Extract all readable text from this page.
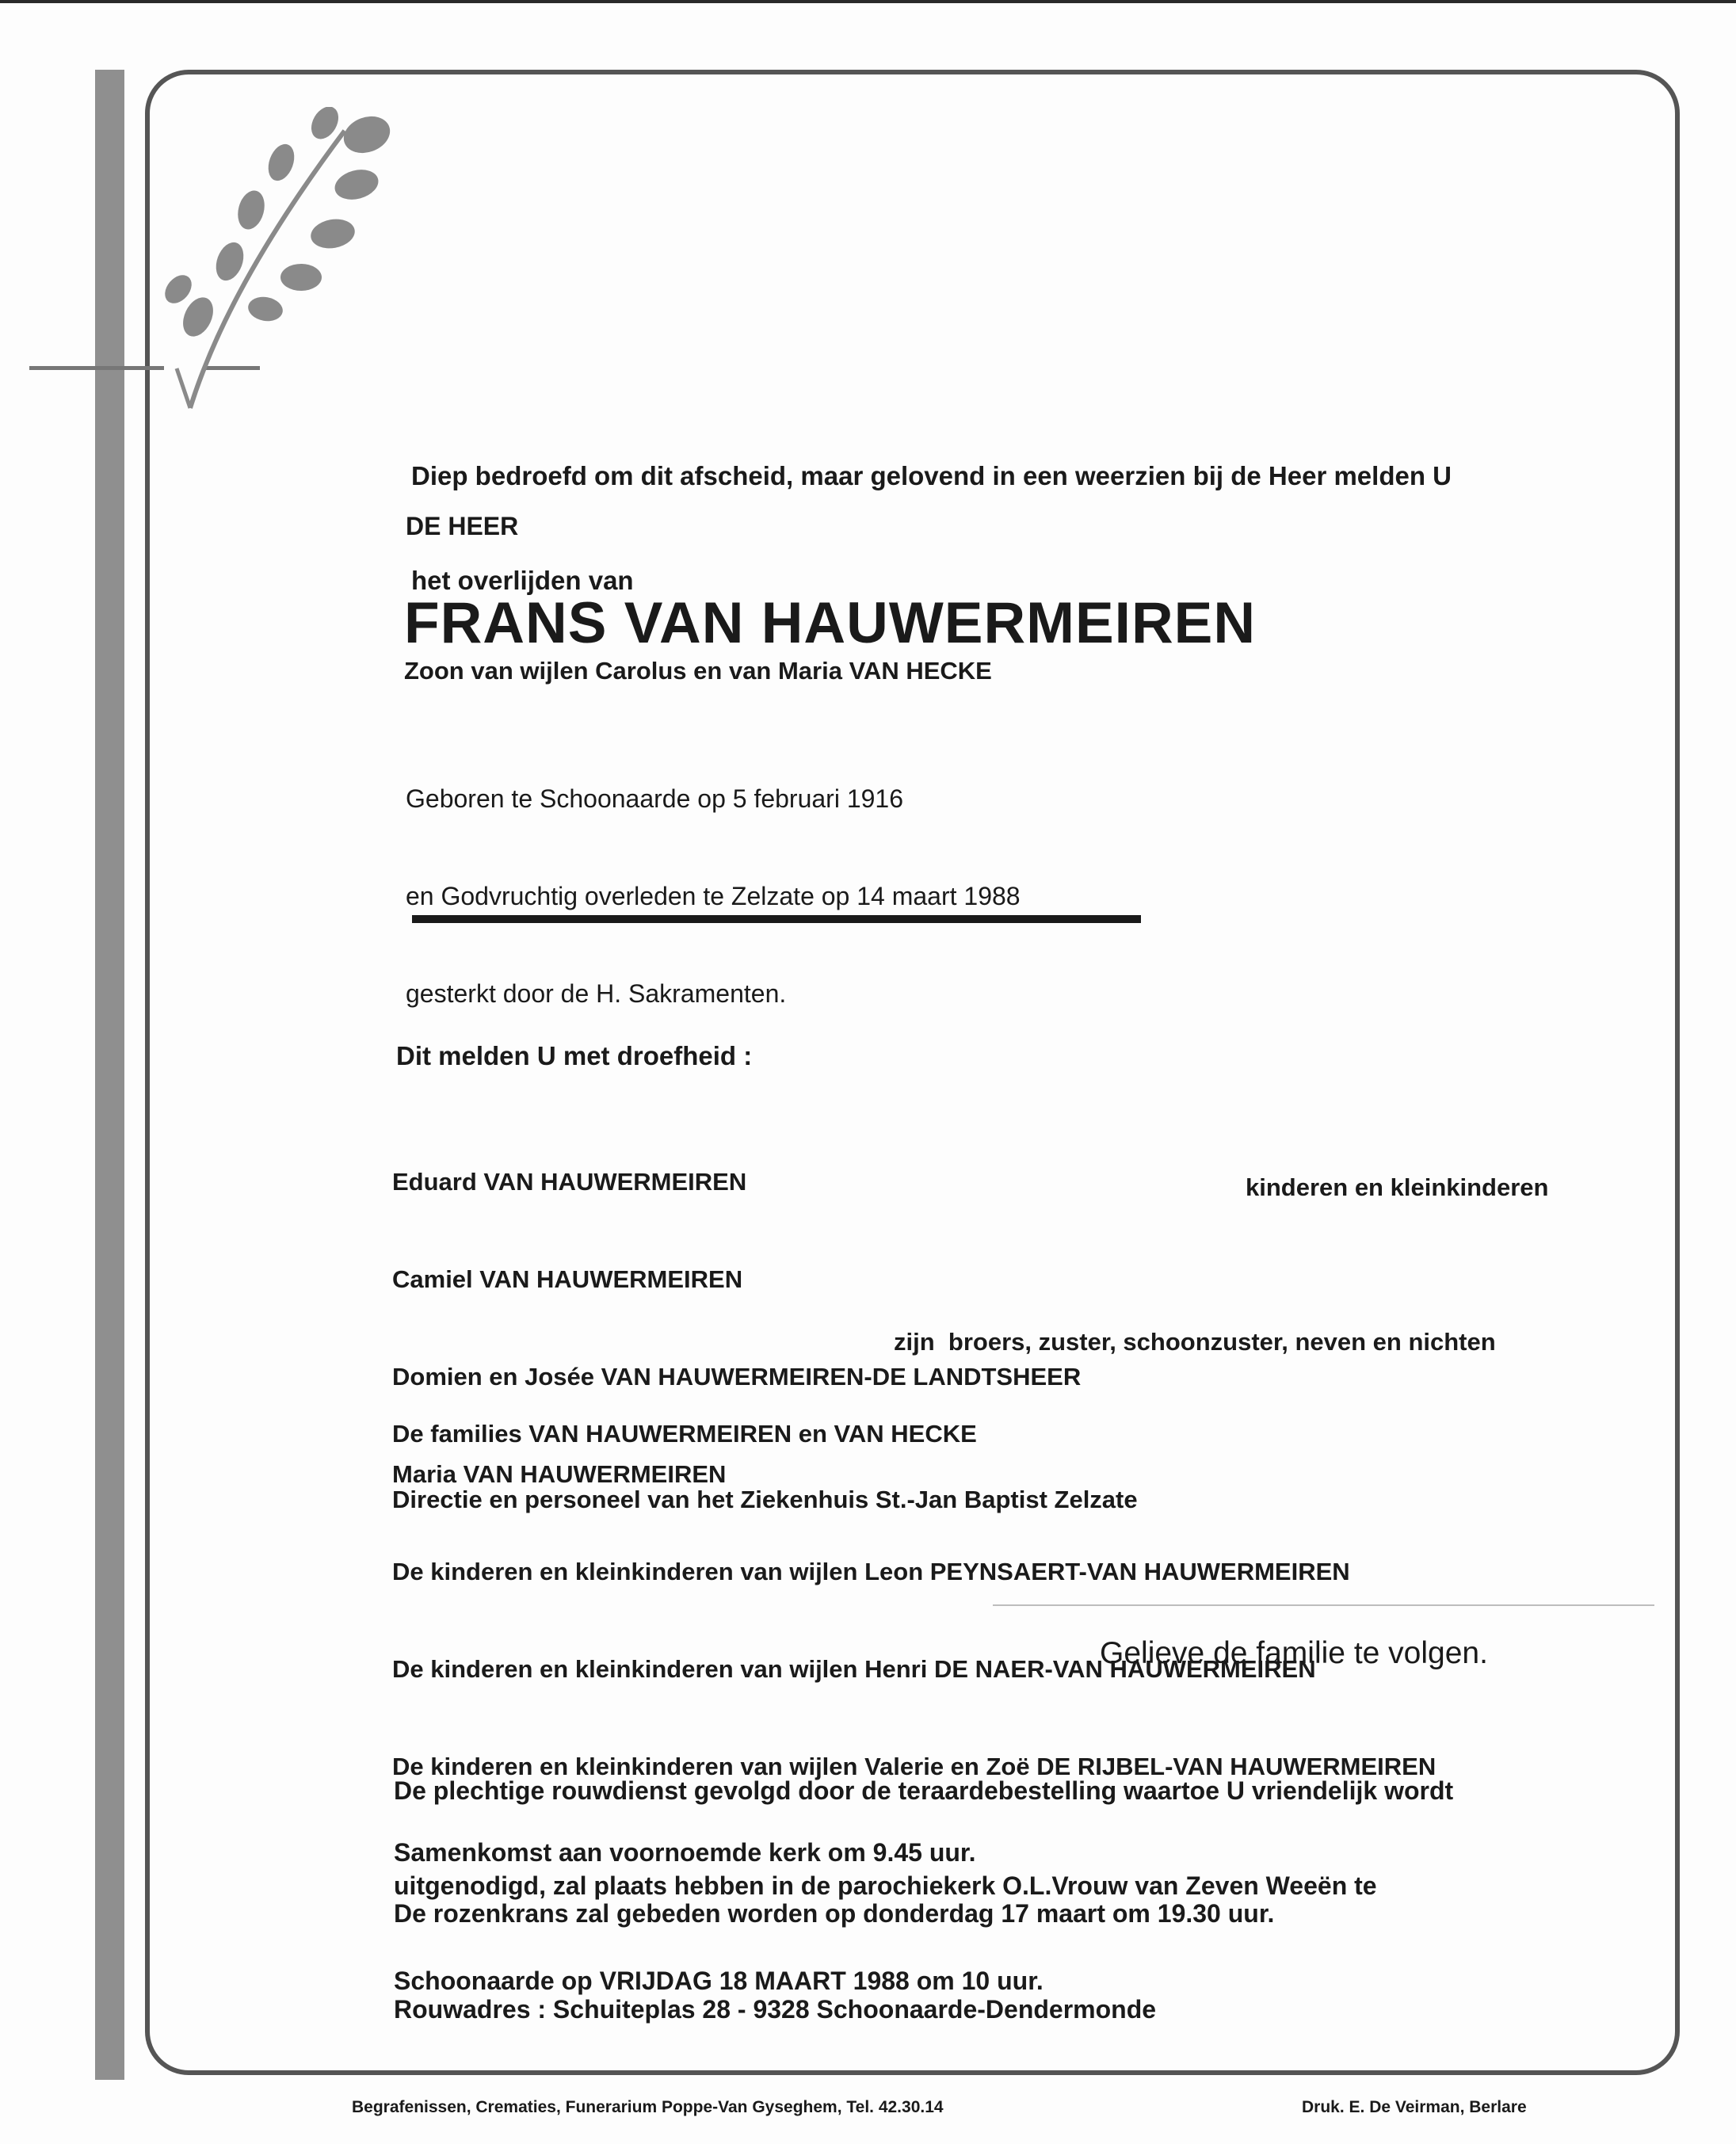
Diep bedroefd om dit afscheid, maar gelovend in een weerzien bij de Heer melden U

het overlijden van

DE HEER
FRANS VAN HAUWERMEIREN
Zoon van wijlen Carolus en van Maria VAN HECKE

Geboren te Schoonaarde op 5 februari 1916

en Godvruchtig overleden te Zelzate op 14 maart 1988

gesterkt door de H. Sakramenten.

Dit melden U met droefheid :

Eduard VAN HAUWERMEIREN

Camiel VAN HAUWERMEIREN

Domien en Josée VAN HAUWERMEIREN-DE LANDTSHEER

Maria VAN HAUWERMEIREN

De kinderen en kleinkinderen van wijlen Leon PEYNSAERT-VAN HAUWERMEIREN

De kinderen en kleinkinderen van wijlen Henri DE NAER-VAN HAUWERMEIREN

De kinderen en kleinkinderen van wijlen Valerie en Zoë DE RIJBEL-VAN HAUWERMEIREN

kinderen en kleinkinderen
zijn  broers, zuster, schoonzuster, neven en nichten
De families VAN HAUWERMEIREN en VAN HECKE
Directie en personeel van het Ziekenhuis St.-Jan Baptist Zelzate
Gelieve de familie te volgen.

De plechtige rouwdienst gevolgd door de teraardebestelling waartoe U vriendelijk wordt

uitgenodigd, zal plaats hebben in de parochiekerk O.L.Vrouw van Zeven Weeën te

Schoonaarde op VRIJDAG 18 MAART 1988 om 10 uur.

Samenkomst aan voornoemde kerk om 9.45 uur.
De rozenkrans zal gebeden worden op donderdag 17 maart om 19.30 uur.
Rouwadres : Schuiteplas 28 - 9328 Schoonaarde-Dendermonde
Begrafenissen, Crematies, Funerarium Poppe-Van Gyseghem, Tel. 42.30.14	Druk. E. De Veirman, Berlare
